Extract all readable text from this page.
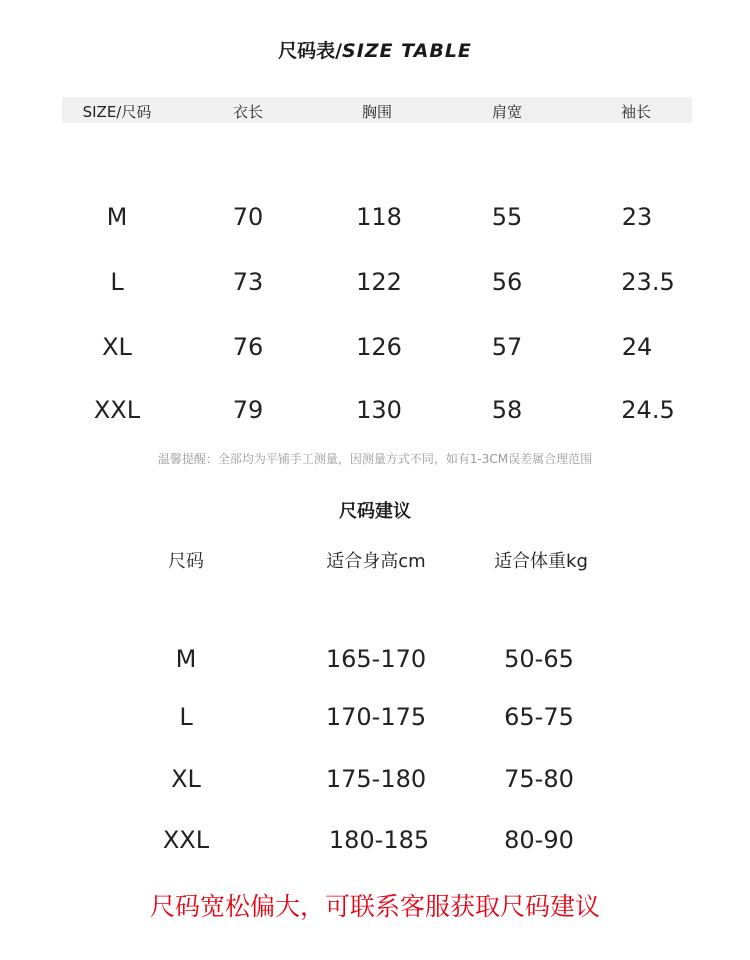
尺码表/SIZE TABLE
SIZE/尺码	衣长	胸围	肩宽	袖长
M	70	118	55	23
L	73	122	56	23.5
XL	76	126	57	24
XXL	79	130	58	24.5
温馨提醒：全部均为平铺手工测量，因测量方式不同，如有1-3CM误差属合理范围
尺码建议
尺码	适合身高cm	适合体重kg
M	165-170	50-65
L	170-175	65-75
XL	175-180	75-80
XXL	180-185	80-90
尺码宽松偏大，可联系客服获取尺码建议
